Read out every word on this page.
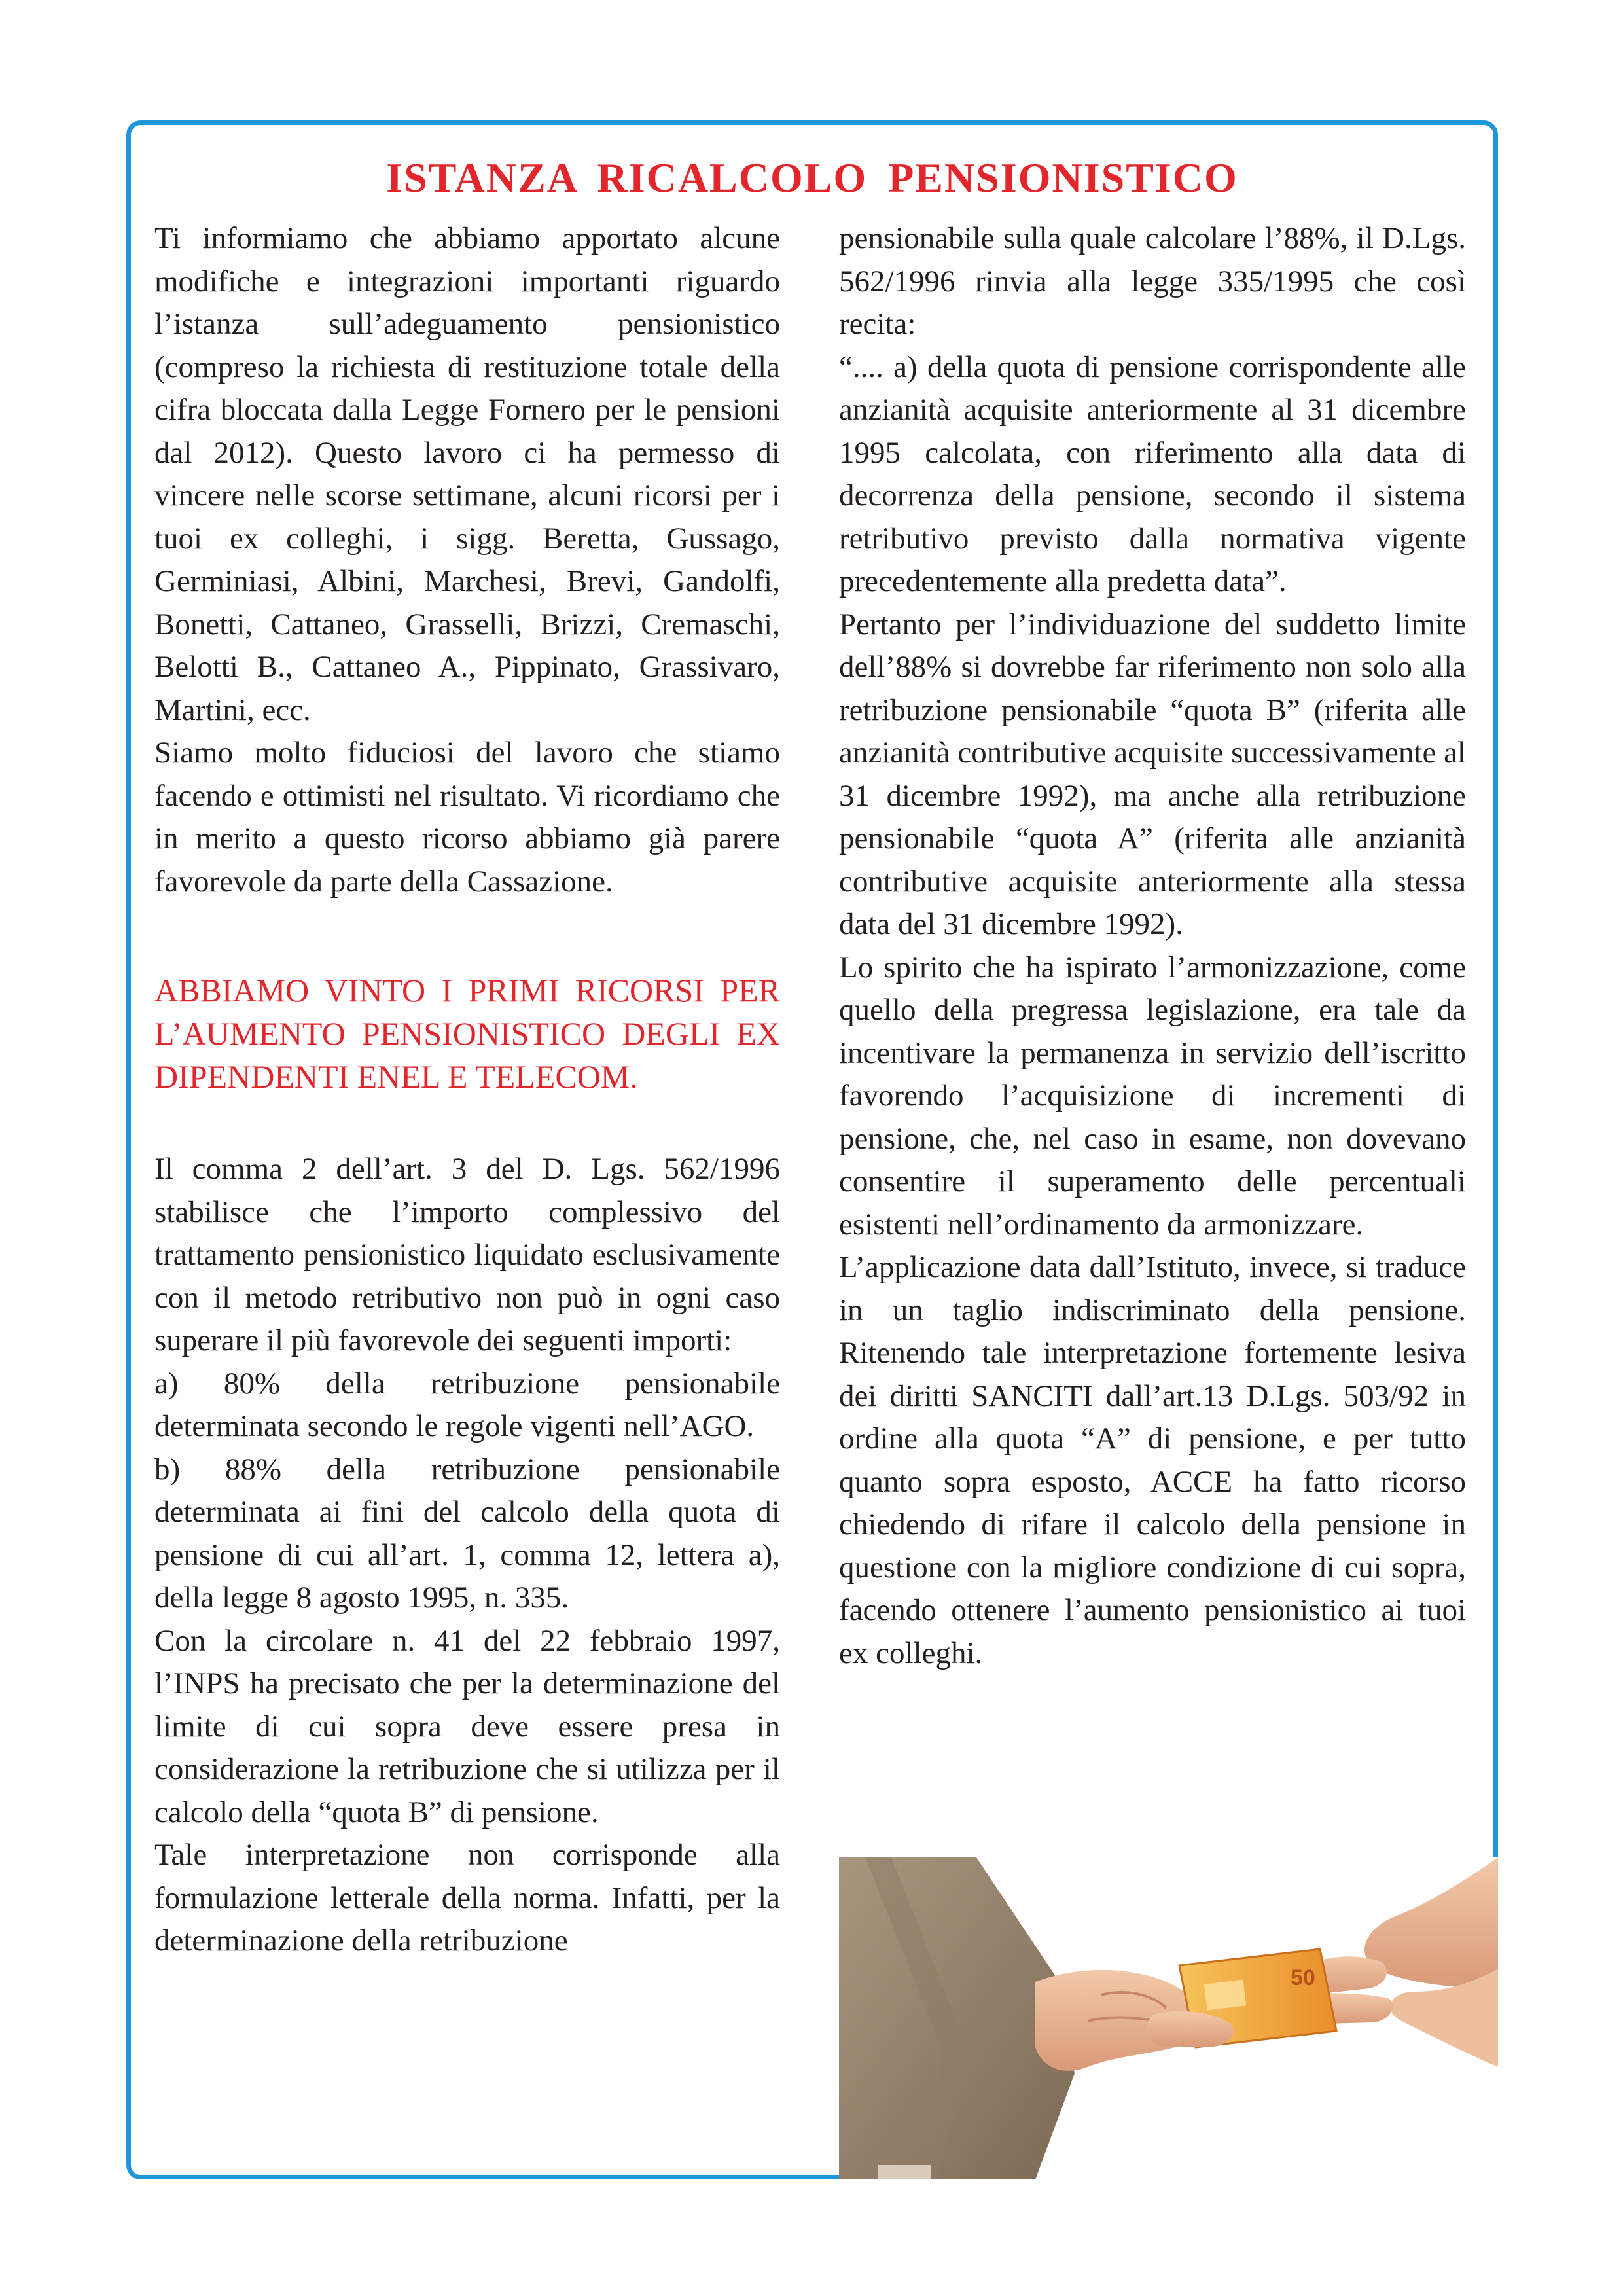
ISTANZA RICALCOLO PENSIONISTICO

Ti informiamo che abbiamo apportato alcune modifiche e integrazioni importanti riguardo l’istanza sull’adeguamento pensionistico (compreso la richiesta di restituzione totale della cifra bloccata dalla Legge Fornero per le pensioni dal 2012). Questo lavoro ci ha permesso di vincere nelle scorse settimane, alcuni ricorsi per i tuoi ex colleghi, i sigg. Beretta, Gussago, Germiniasi, Albini, Marchesi, Brevi, Gandolfi, Bonetti, Cattaneo, Grasselli, Brizzi, Cremaschi, Belotti B., Cattaneo A., Pippinato, Grassivaro, Martini, ecc.

Siamo molto fiduciosi del lavoro che stiamo facendo e ottimisti nel risultato. Vi ricordiamo che in merito a questo ricorso abbiamo già parere favorevole da parte della Cassazione.

ABBIAMO VINTO I PRIMI RICORSI PER L’AUMENTO PENSIONISTICO DEGLI EX DIPENDENTI ENEL E TELECOM.

Il comma 2 dell’art. 3 del D. Lgs. 562/1996 stabilisce che l’importo complessivo del trattamento pensionistico liquidato esclusivamente con il metodo retributivo non può in ogni caso superare il più favorevole dei seguenti importi:

a) 80% della retribuzione pensionabile determinata secondo le regole vigenti nell’AGO.

b) 88% della retribuzione pensionabile determinata ai fini del calcolo della quota di pensione di cui all’art. 1, comma 12, lettera a), della legge 8 agosto 1995, n. 335.

Con la circolare n. 41 del 22 febbraio 1997, l’INPS ha precisato che per la determinazione del limite di cui sopra deve essere presa in considerazione la retribuzione che si utilizza per il calcolo della “quota B” di pensione.

Tale interpretazione non corrisponde alla formulazione letterale della norma. Infatti, per la determinazione della retribuzione

pensionabile sulla quale calcolare l’88%, il D.Lgs. 562/1996 rinvia alla legge 335/1995 che così recita:

“.... a) della quota di pensione corrispondente alle anzianità acquisite anteriormente al 31 dicembre 1995 calcolata, con riferimento alla data di decorrenza della pensione, secondo il sistema retributivo previsto dalla normativa vigente precedentemente alla predetta data”.

Pertanto per l’individuazione del suddetto limite dell’88% si dovrebbe far riferimento non solo alla retribuzione pensionabile “quota B” (riferita alle anzianità contributive acquisite successivamente al 31 dicembre 1992), ma anche alla retribuzione pensionabile “quota A” (riferita alle anzianità contributive acquisite anteriormente alla stessa data del 31 dicembre 1992).

Lo spirito che ha ispirato l’armonizzazione, come quello della pregressa legislazione, era tale da incentivare la permanenza in servizio dell’iscritto favorendo l’acquisizione di incrementi di pensione, che, nel caso in esame, non dovevano consentire il superamento delle percentuali esistenti nell’ordinamento da armonizzare.

L’applicazione data dall’Istituto, invece, si traduce in un taglio indiscriminato della pensione. Ritenendo tale interpretazione fortemente lesiva dei diritti SANCITI dall’art.13 D.Lgs. 503/92 in ordine alla quota “A” di pensione, e per tutto quanto sopra esposto, ACCE ha fatto ricorso chiedendo di rifare il calcolo della pensione in questione con la migliore condizione di cui sopra, facendo ottenere l’aumento pensionistico ai tuoi ex colleghi.

50
